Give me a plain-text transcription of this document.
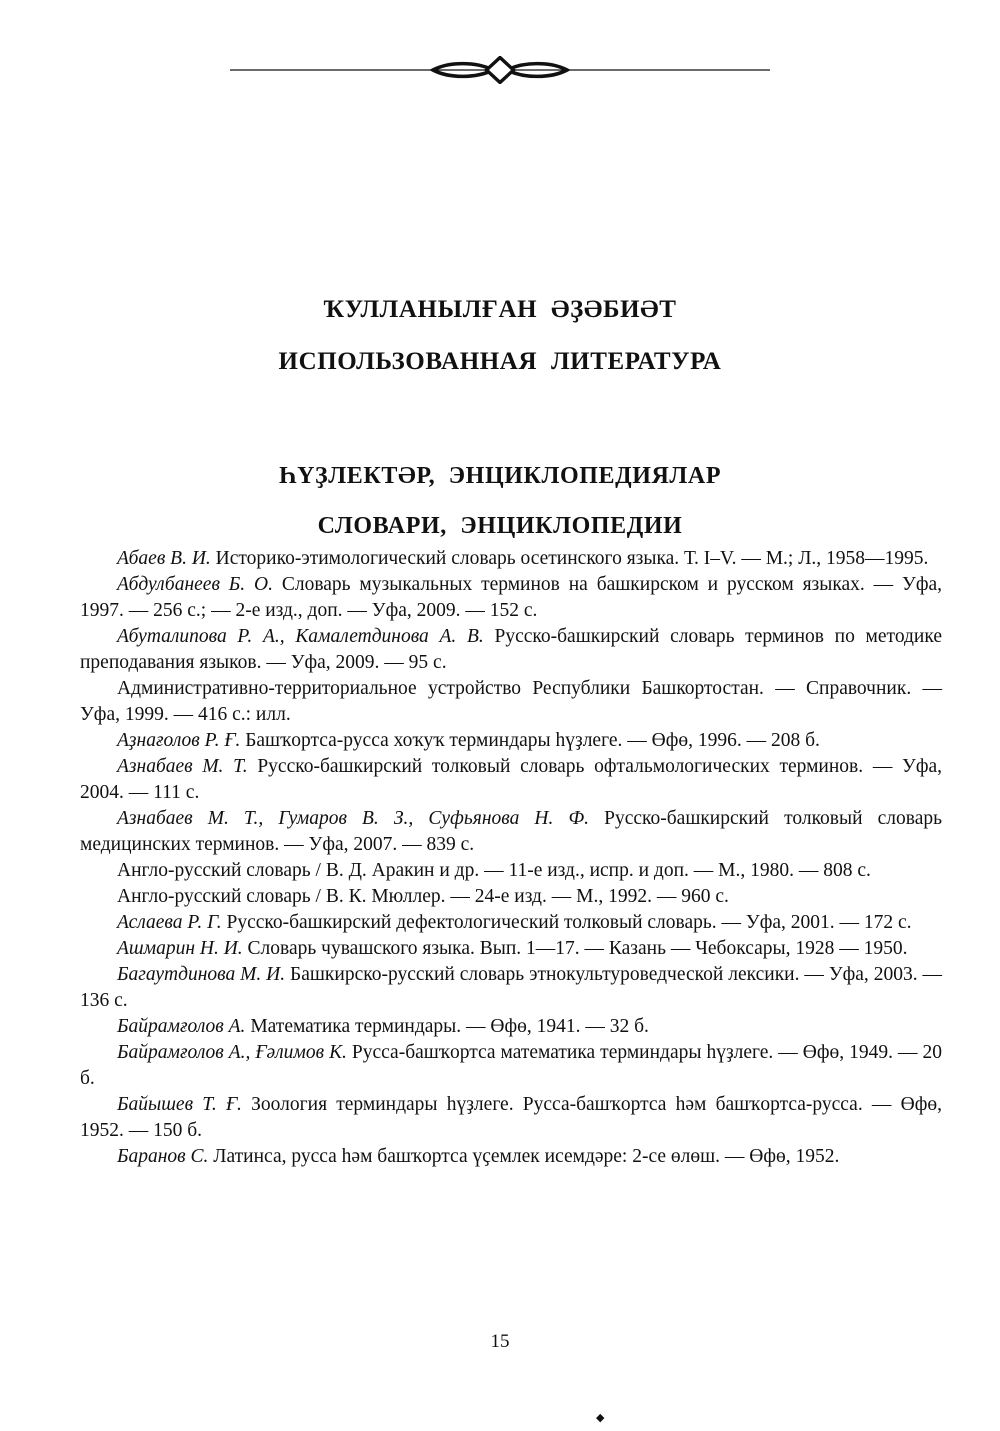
ҠУЛЛАНЫЛҒАН ӘҘӘБИӘТ
ИСПОЛЬЗОВАННАЯ ЛИТЕРАТУРА
ҺҮҘЛЕКТӘР, ЭНЦИКЛОПЕДИЯЛАР
СЛОВАРИ, ЭНЦИКЛОПЕДИИ

Абаев В. И. Историко-этимологический словарь осетинского языка. Т. I–V. — М.; Л., 1958—1995.

Абдулбанеев Б. О. Словарь музыкальных терминов на башкирском и русском языках. — Уфа, 1997. — 256 с.; — 2-е изд., доп. — Уфа, 2009. — 152 с.

Абуталипова Р. А., Камалетдинова А. В. Русско-башкирский словарь терминов по методике преподавания языков. — Уфа, 2009. — 95 с.

Административно-территориальное устройство Республики Башкортостан. — Справочник. — Уфа, 1999. — 416 с.: илл.

Аҙнағолов Р. Ғ. Башҡортса-русса хоҡуҡ терминдары һүҙлеге. — Өфө, 1996. — 208 б.

Азнабаев М. Т. Русско-башкирский толковый словарь офтальмологических терминов. — Уфа, 2004. — 111 с.

Азнабаев М. Т., Гумаров В. З., Суфьянова Н. Ф. Русско-башкирский толковый словарь медицинских терминов. — Уфа, 2007. — 839 с.

Англо-русский словарь / В. Д. Аракин и др. — 11-е изд., испр. и доп. — М., 1980. — 808 с.

Англо-русский словарь / В. К. Мюллер. — 24-е изд. — М., 1992. — 960 с.

Аслаева Р. Г. Русско-башкирский дефектологический толковый словарь. — Уфа, 2001. — 172 с.

Ашмарин Н. И. Словарь чувашского языка. Вып. 1—17. — Казань — Чебоксары, 1928 — 1950.

Багаутдинова М. И. Башкирско-русский словарь этнокультуроведческой лексики. — Уфа, 2003. — 136 с.

Байрамғолов А. Математика терминдары. — Өфө, 1941. — 32 б.

Байрамғолов А., Ғәлимов К. Русса-башҡортса математика терминдары һүҙлеге. — Өфө, 1949. — 20 б.

Байышев Т. Ғ. Зоология терминдары һүҙлеге. Русса-башҡортса һәм башҡортса-русса. — Өфө, 1952. — 150 б.

Баранов С. Латинса, русса һәм башҡортса үҫемлек исемдәре: 2-се өлөш. — Өфө, 1952.

15
◆
